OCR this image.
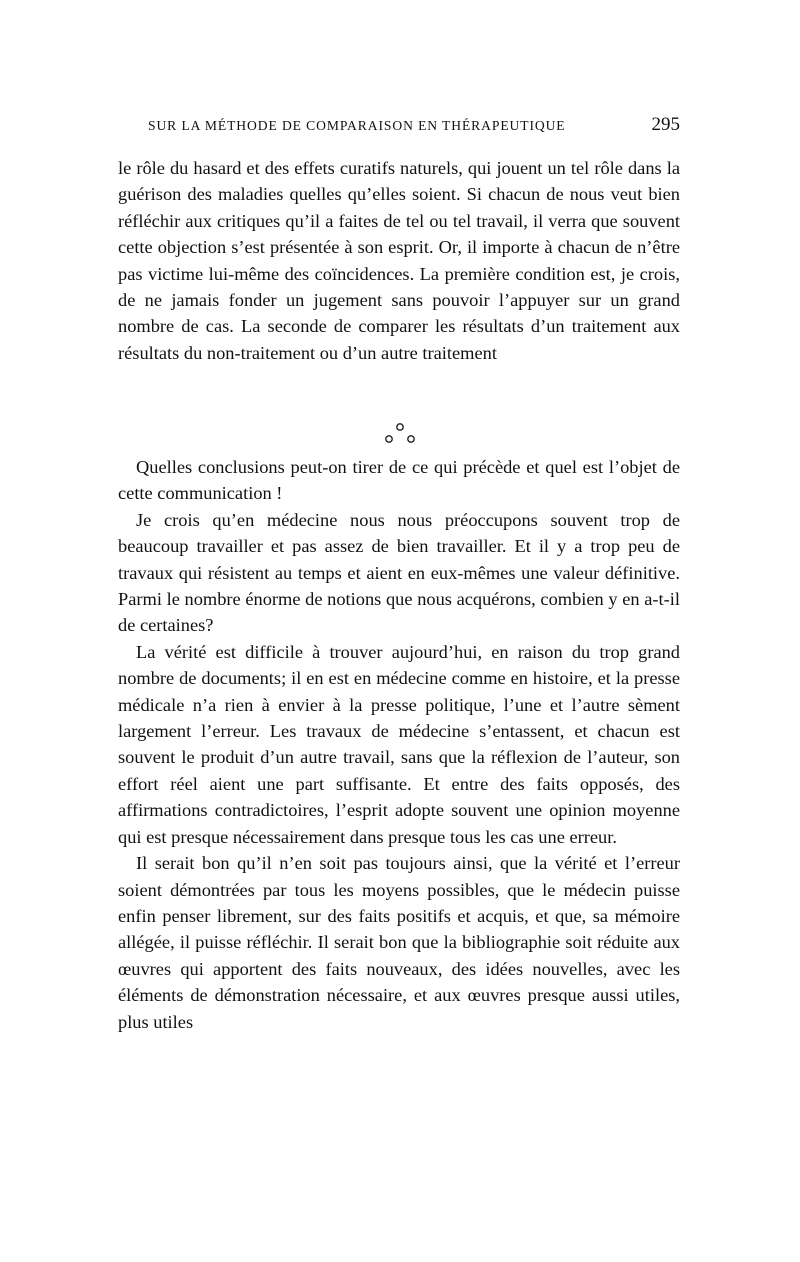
SUR LA MÉTHODE DE COMPARAISON EN THÉRAPEUTIQUE	295

le rôle du hasard et des effets curatifs naturels, qui jouent un tel rôle dans la guérison des maladies quelles qu’elles soient. Si chacun de nous veut bien réfléchir aux critiques qu’il a faites de tel ou tel travail, il verra que souvent cette objection s’est présentée à son esprit. Or, il importe à chacun de n’être pas victime lui-même des coïncidences. La première condition est, je crois, de ne jamais fonder un jugement sans pouvoir l’appuyer sur un grand nombre de cas. La seconde de comparer les résultats d’un traitement aux résultats du non-traitement ou d’un autre traitement

Quelles conclusions peut-on tirer de ce qui précède et quel est l’objet de cette communication !

Je crois qu’en médecine nous nous préoccupons souvent trop de beaucoup travailler et pas assez de bien travailler. Et il y a trop peu de travaux qui résistent au temps et aient en eux-mêmes une valeur définitive. Parmi le nombre énorme de notions que nous acquérons, combien y en a-t-il de certaines?

La vérité est difficile à trouver aujourd’hui, en raison du trop grand nombre de documents; il en est en médecine comme en histoire, et la presse médicale n’a rien à envier à la presse politique, l’une et l’autre sèment largement l’erreur. Les travaux de médecine s’entassent, et chacun est souvent le produit d’un autre travail, sans que la réflexion de l’auteur, son effort réel aient une part suffisante. Et entre des faits opposés, des affirmations contradictoires, l’esprit adopte souvent une opinion moyenne qui est presque nécessairement dans presque tous les cas une erreur.

Il serait bon qu’il n’en soit pas toujours ainsi, que la vérité et l’erreur soient démontrées par tous les moyens possibles, que le médecin puisse enfin penser librement, sur des faits positifs et acquis, et que, sa mémoire allégée, il puisse réfléchir. Il serait bon que la bibliographie soit réduite aux œuvres qui apportent des faits nouveaux, des idées nouvelles, avec les éléments de démonstration nécessaire, et aux œuvres presque aussi utiles, plus utiles
